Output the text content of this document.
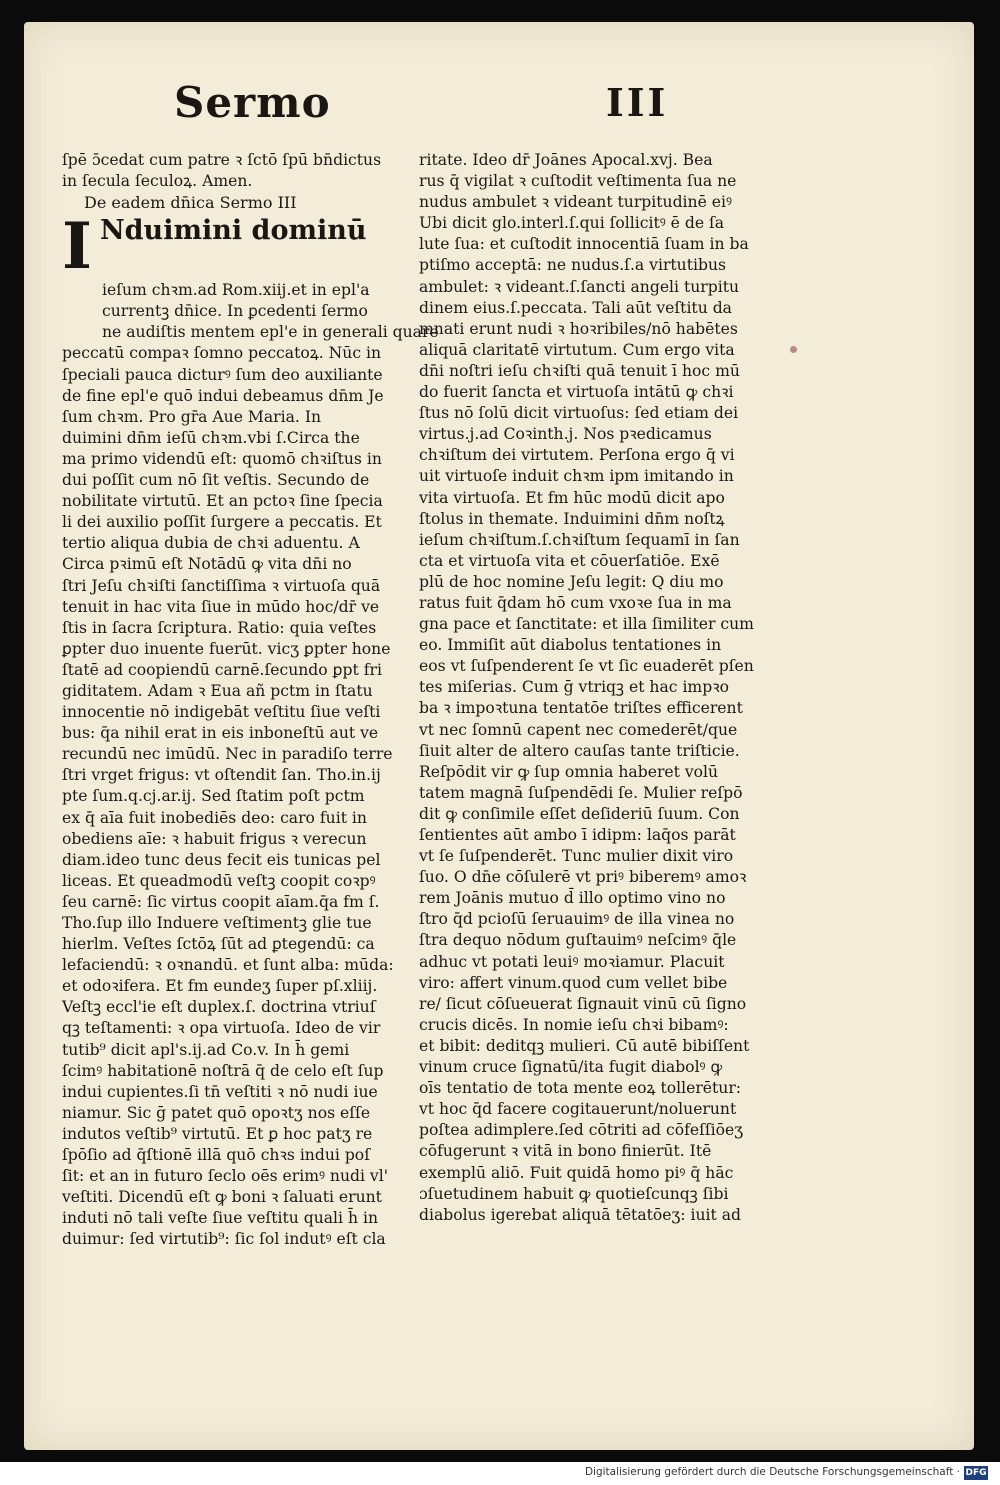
Sermo	III
ſpē ɔ̄cedat cum patre ꝛ ſctō ſpū bn̄dictus
in ſecula ſeculoꝝ. Amen.
De eadem dn̄ica Sermo III
I Nduimini dominū
ieſum chꝛm.ad Rom.xiij.et in epl'a
currentꝫ dn̄ice. In ꝑcedenti ſermo
ne audiſtis mentem epl'e in generali quare
peccatū compaꝛ ſomno peccatoꝝ. Nūc in
ſpeciali pauca dicturꝰ ſum deo auxiliante
de fine epl'e quō indui debeamus dn̄m Je
ſum chꝛm. Pro gr̄a Aue Maria. In
duimini dn̄m ieſū chꝛm.vbi ſ.Circa the
ma primo videndū eſt: quomō chꝛiſtus in
dui poſſit cum nō ſit veſtis. Secundo de
nobilitate virtutū. Et an pctoꝛ ſine ſpecia
li dei auxilio poſſit ſurgere a peccatis. Et
tertio aliqua dubia de chꝛi aduentu. A
Circa pꝛimū eſt Notādū ꝙ vita dn̄i no
ſtri Jeſu chꝛiſti ſanctiſſima ꝛ virtuoſa quā
tenuit in hac vita ſiue in mūdo hoc/dr̄ ve
ſtis in ſacra ſcriptura. Ratio: quia veſtes
ꝑpter duo inuente fuerūt. vicʒ ꝑpter hone
ſtatē ad coopiendū carnē.ſecundo ꝑpt fri
giditatem. Adam ꝛ Eua añ pctm in ſtatu
innocentie nō indigebāt veſtitu ſiue veſti
bus: q̄a nihil erat in eis inboneſtū aut ve
recundū nec imūdū. Nec in paradiſo terre
ſtri vrget frigus: vt oſtendit ſan. Tho.in.ij
pte ſum.q.cj.ar.ij. Sed ſtatim poſt pctm
ex q̄ aīa fuit inobediēs deo: caro fuit in
obediens aīe: ꝛ habuit frigus ꝛ verecun
diam.ideo tunc deus fecit eis tunicas pel
liceas. Et queadmodū veſtꝫ coopit coꝛpꝰ
ſeu carnē: ſic virtus coopit aīam.q̄a fm ſ.
Tho.ſup illo Induere veſtimentꝫ glie tue
hierlm. Veſtes ſctōꝝ ſūt ad ꝑtegendū: ca
lefaciendū: ꝛ oꝛnandū. et ſunt alba: mūda:
et odoꝛifera. Et fm eundeʒ ſuper pſ.xliij.
Veſtꝫ eccl'ie eſt duplex.ſ. doctrina vtriuſ
qꝫ teſtamenti: ꝛ opa virtuoſa. Ideo de vir
tutib⁹ dicit apl's.ij.ad Co.v. In h̄ gemi
ſcimꝰ habitationē noſtrā q̄ de celo eſt ſup
indui cupientes.ſi tn̄ veſtiti ꝛ nō nudi iue
niamur. Sic ḡ patet quō opoꝛtʒ nos eſſe
indutos veſtib⁹ virtutū. Et ꝑ hoc patʒ re
ſpōſio ad q̄ſtionē illā quō chꝛs indui poſ
ſit: et an in futuro ſeclo oēs erimꝰ nudi vl'
veſtiti. Dicendū eſt ꝙ boni ꝛ ſaluati erunt
induti nō tali veſte ſiue veſtitu quali h̄ in
duimur: ſed virtutib⁹: ſic ſol indutꝰ eſt cla
ritate. Ideo dr̄ Joānes Apocal.xvj. Bea
rus q̄ vigilat ꝛ cuſtodit veſtimenta ſua ne
nudus ambulet ꝛ videant turpitudinē eiꝰ
Ubi dicit glo.interl.ſ.qui ſollicitꝰ ē de ſa
lute ſua: et cuſtodit innocentiā ſuam in ba
ptiſmo acceptā: ne nudus.ſ.a virtutibus
ambulet: ꝛ videant.ſ.ſancti angeli turpitu
dinem eius.ſ.peccata. Tali aūt veſtitu da
mnati erunt nudi ꝛ hoꝛribiles/nō habētes
aliquā claritatē virtutum. Cum ergo vita
dn̄i noſtri ieſu chꝛiſti quā tenuit ī hoc mū
do fuerit ſancta et virtuoſa intātū ꝙ chꝛi
ſtus nō ſolū dicit virtuoſus: ſed etiam dei
virtus.j.ad Coꝛinth.j. Nos pꝛedicamus
chꝛiſtum dei virtutem. Perſona ergo q̄ vi
uit virtuoſe induit chꝛm ipm imitando in
vita virtuoſa. Et fm hūc modū dicit apo
ſtolus in themate. Induimini dn̄m noſtꝝ
ieſum chꝛiſtum.ſ.chꝛiſtum ſequamī in ſan
cta et virtuoſa vita et cōuerſatiōe. Exē
plū de hoc nomine Jeſu legit: Q diu mo
ratus fuit q̄dam hō cum vxoꝛe ſua in ma
gna pace et ſanctitate: et illa ſimiliter cum
eo. Immiſit aūt diabolus tentationes in
eos vt ſuſpenderent ſe vt ſic euaderēt pſen
tes miſerias. Cum ḡ vtriqꝫ et hac impꝛo
ba ꝛ impoꝛtuna tentatōe triſtes efficerent
vt nec ſomnū capent nec comederēt/que
ſiuit alter de altero cauſas tante triſticie.
Reſpōdit vir ꝙ ſup omnia haberet volū
tatem magnā ſuſpendēdi ſe. Mulier reſpō
dit ꝙ conſimile eſſet deſideriū ſuum. Con
ſentientes aūt ambo ī idipm: laq̄os parāt
vt ſe ſuſpenderēt. Tunc mulier dixit viro
ſuo. O dn̄e cōſulerē vt priꝰ biberemꝰ amoꝛ
rem Joānis mutuo d̄ illo optimo vino no
ſtro q̄d pcioſū ſeruauimꝰ de illa vinea no
ſtra dequo nōdum guſtauimꝰ neſcimꝰ q̄le
adhuc vt potati leuiꝰ moꝛiamur. Placuit
viro: affert vinum.quod cum vellet bibe
re/ ſicut cōſueuerat ſignauit vinū cū ſigno
crucis dicēs. In nomie ieſu chꝛi bibamꝰ:
et bibit: deditqꝫ mulieri. Cū autē bibiſſent
vinum cruce ſignatū/ita fugit diabolꝰ ꝙ
oīs tentatio de tota mente eoꝝ tollerētur:
vt hoc q̄d facere cogitauerunt/noluerunt
poſtea adimplere.ſed cōtriti ad cōfeſſiōeʒ
cōfugerunt ꝛ vitā in bono finierūt. Itē
exemplū aliō. Fuit quidā homo piꝰ q̄ hāc
ɔſuetudinem habuit ꝙ quotieſcunqꝫ ſibi
diabolus igerebat aliquā tētatōeʒ: iuit ad
Digitalisierung gefördert durch die Deutsche Forschungsgemeinschaft · DFG
